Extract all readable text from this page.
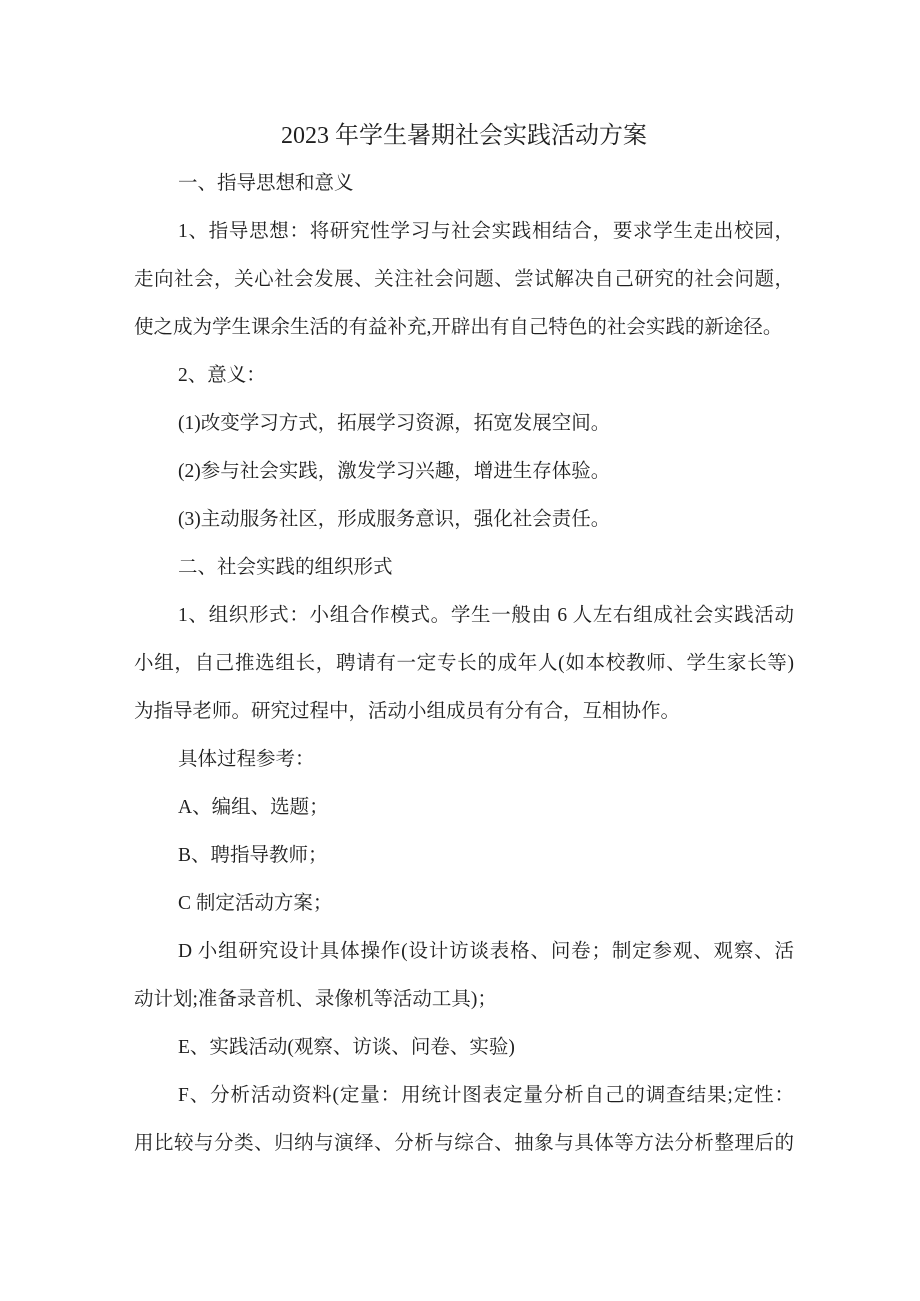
2023 年学生暑期社会实践活动方案
一、指导思想和意义
1、指导思想：将研究性学习与社会实践相结合，要求学生走出校园，
走向社会，关心社会发展、关注社会问题、尝试解决自己研究的社会问题，
使之成为学生课余生活的有益补充,开辟出有自己特色的社会实践的新途径。
2、意义：
(1)改变学习方式，拓展学习资源，拓宽发展空间。
(2)参与社会实践，激发学习兴趣，增进生存体验。
(3)主动服务社区，形成服务意识，强化社会责任。
二、社会实践的组织形式
1、组织形式：小组合作模式。学生一般由 6 人左右组成社会实践活动
小组，自己推选组长，聘请有一定专长的成年人(如本校教师、学生家长等)
为指导老师。研究过程中，活动小组成员有分有合，互相协作。
具体过程参考：
A、编组、选题；
B、聘指导教师；
C 制定活动方案；
D 小组研究设计具体操作(设计访谈表格、问卷；制定参观、观察、活
动计划;准备录音机、录像机等活动工具)；
E、实践活动(观察、访谈、问卷、实验)
F、分析活动资料(定量：用统计图表定量分析自己的调查结果;定性：
用比较与分类、归纳与演绎、分析与综合、抽象与具体等方法分析整理后的
